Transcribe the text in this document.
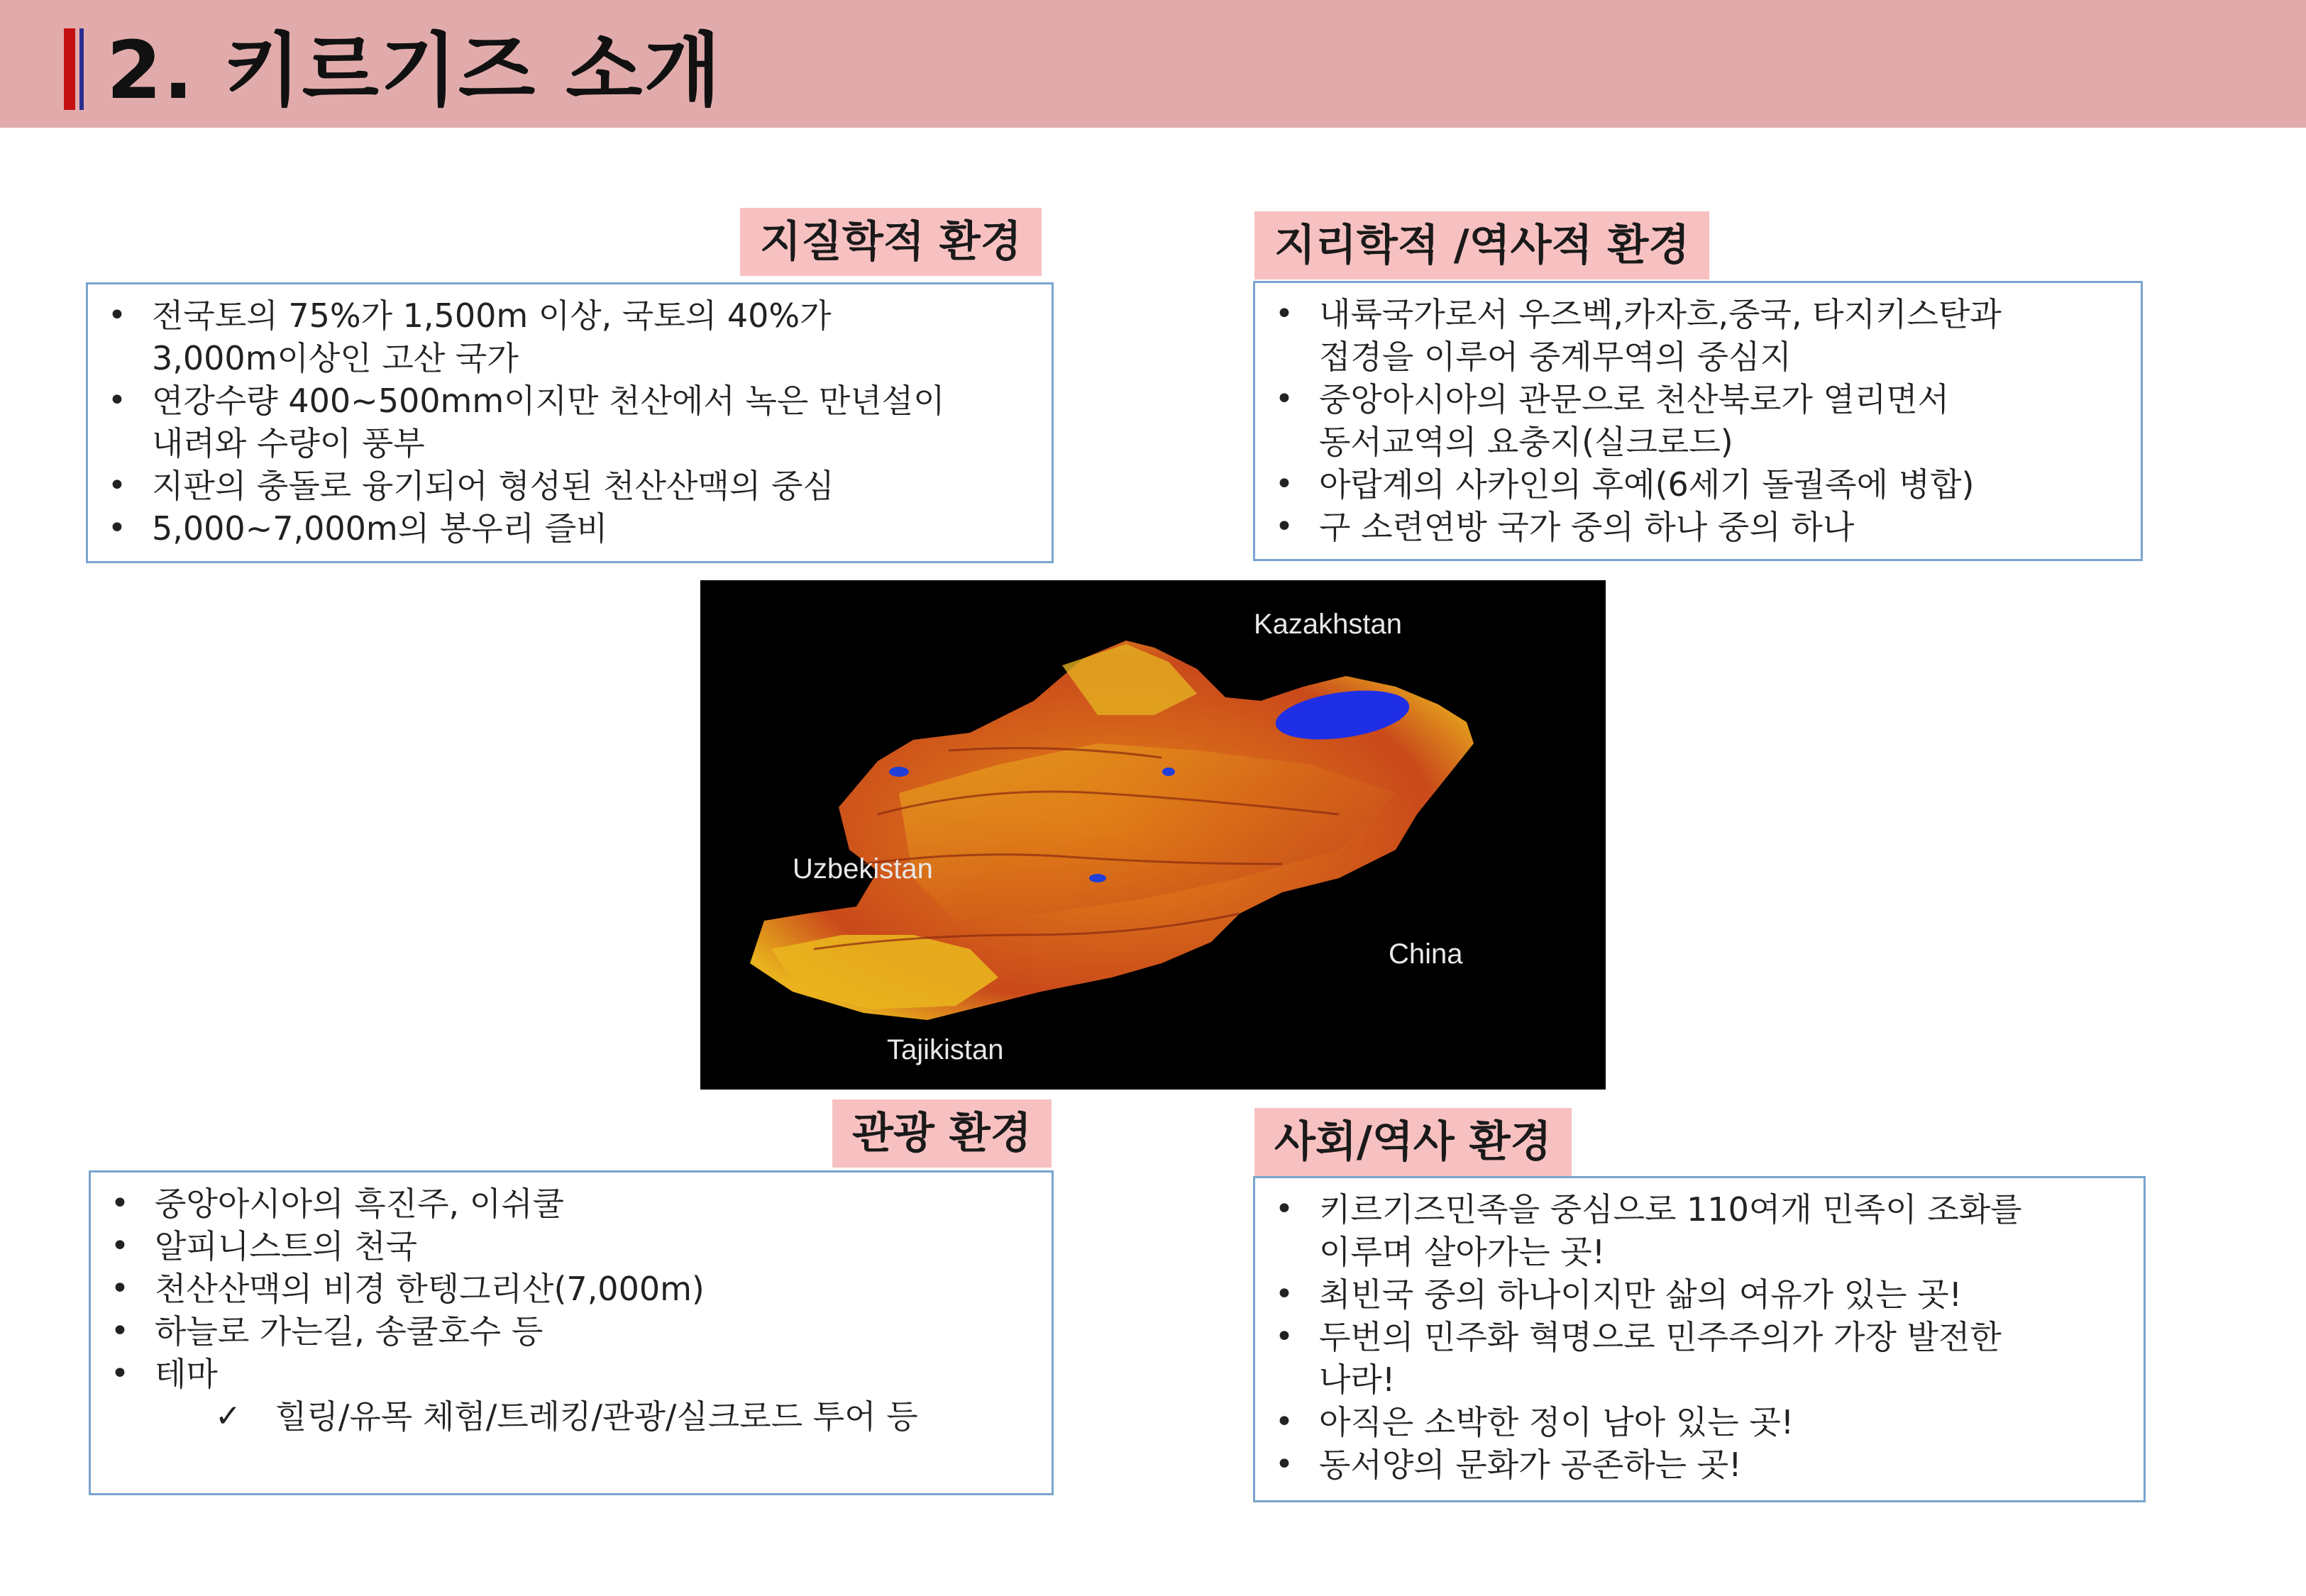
2. 키르기즈 소개
지질학적 환경
• 전국토의 75%가 1,500m 이상, 국토의 40%가
3,000m이상인 고산 국가
• 연강수량 400~500mm이지만 천산에서 녹은 만년설이
내려와 수량이 풍부
• 지판의 충돌로 융기되어 형성된 천산산맥의 중심
• 5,000~7,000m의 봉우리 즐비
지리학적 /역사적 환경
• 내륙국가로서 우즈벡,카자흐,중국, 타지키스탄과
접경을 이루어 중계무역의 중심지
• 중앙아시아의 관문으로 천산북로가 열리면서
동서교역의 요충지(실크로드)
• 아랍계의 사카인의 후예(6세기 돌궐족에 병합)
• 구 소련연방 국가 중의 하나 중의 하나
Kazakhstan
Uzbekistan
China
Tajikistan
관광 환경
• 중앙아시아의 흑진주, 이쉬쿨
• 알피니스트의 천국
• 천산산맥의 비경 한텡그리산(7,000m)
• 하늘로 가는길, 송쿨호수 등
• 테마
✓ 힐링/유목 체험/트레킹/관광/실크로드 투어 등
사회/역사 환경
• 키르기즈민족을 중심으로 110여개 민족이 조화를
이루며 살아가는 곳!
• 최빈국 중의 하나이지만 삶의 여유가 있는 곳!
• 두번의 민주화 혁명으로 민주주의가 가장 발전한
나라!
• 아직은 소박한 정이 남아 있는 곳!
• 동서양의 문화가 공존하는 곳!
